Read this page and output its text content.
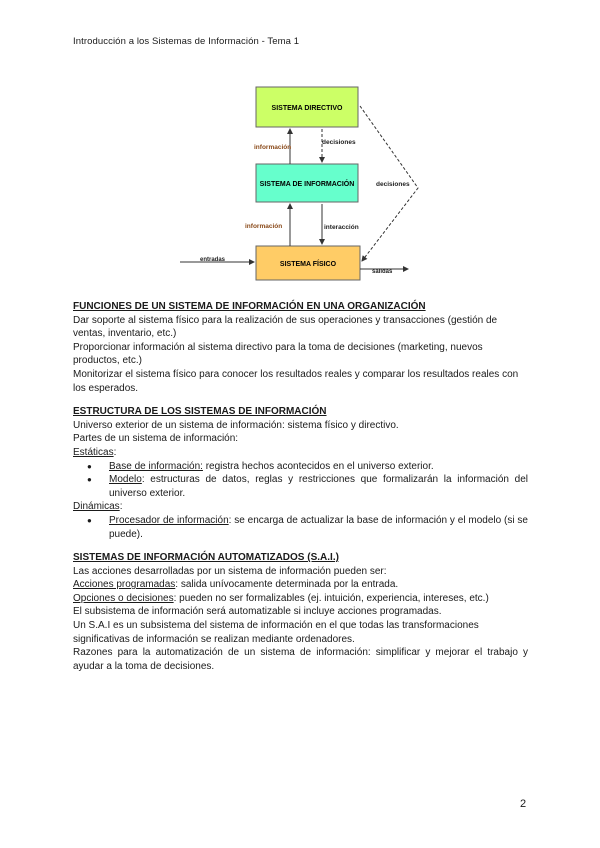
Introducción a los Sistemas de Información - Tema 1
SISTEMA DIRECTIVO
SISTEMA DE INFORMACIÓN
SISTEMA FÍSICO
información
decisiones
información	interacción
decisiones
entradas
salidas

FUNCIONES DE UN SISTEMA DE INFORMACIÓN EN UNA ORGANIZACIÓN

Dar soporte al sistema físico para la realización de sus operaciones y transacciones (gestión de ventas, inventario, etc.)

Proporcionar información al sistema directivo para la toma de decisiones (marketing, nuevos productos, etc.)

Monitorizar el sistema físico para conocer los resultados reales y comparar los resultados reales con los esperados.

ESTRUCTURA DE LOS SISTEMAS DE INFORMACIÓN

Universo exterior de un sistema de información: sistema físico y directivo.

Partes de un sistema de información:

Estáticas:

● Base de información: registra hechos acontecidos en el universo exterior.
● Modelo: estructuras de datos, reglas y restricciones que formalizarán la información del universo exterior.

Dinámicas:

● Procesador de información: se encarga de actualizar la base de información y el modelo (si se puede).

SISTEMAS DE INFORMACIÓN AUTOMATIZADOS (S.A.I.)

Las acciones desarrolladas por un sistema de información pueden ser:

Acciones programadas: salida unívocamente determinada por la entrada.

Opciones o decisiones: pueden no ser formalizables (ej. intuición, experiencia, intereses, etc.)

El subsistema de información será automatizable si incluye acciones programadas.

Un S.A.I es un subsistema del sistema de información en el que todas las transformaciones significativas de información se realizan mediante ordenadores.

Razones para la automatización de un sistema de información: simplificar y mejorar el trabajo y ayudar a la toma de decisiones.

2
